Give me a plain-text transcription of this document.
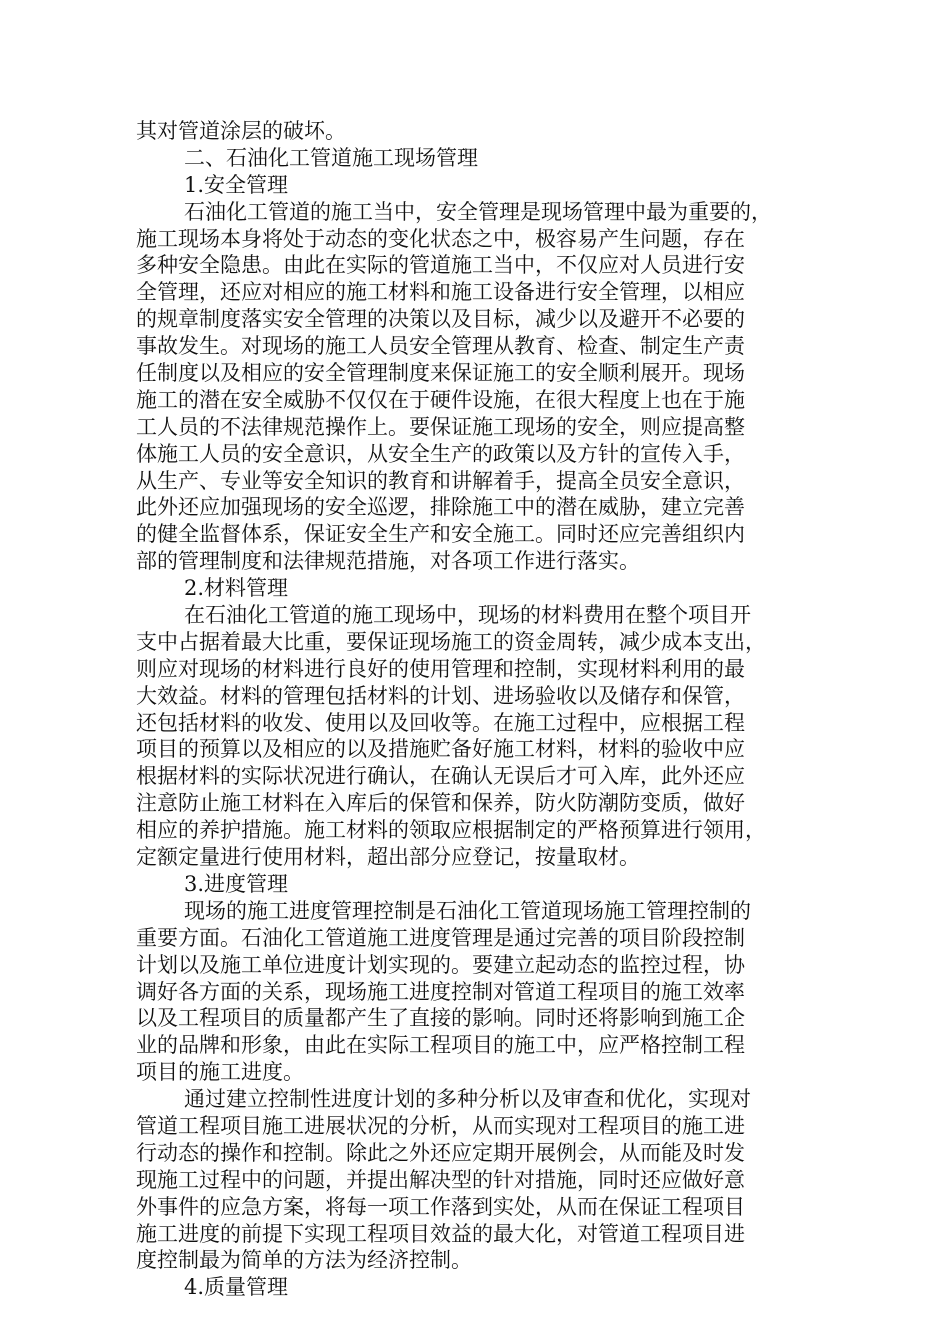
其对管道涂层的破坏。
二、石油化工管道施工现场管理
1.安全管理
石油化工管道的施工当中，安全管理是现场管理中最为重要的，
施工现场本身将处于动态的变化状态之中，极容易产生问题，存在
多种安全隐患。由此在实际的管道施工当中，不仅应对人员进行安
全管理，还应对相应的施工材料和施工设备进行安全管理，以相应
的规章制度落实安全管理的决策以及目标，减少以及避开不必要的
事故发生。对现场的施工人员安全管理从教育、检查、制定生产责
任制度以及相应的安全管理制度来保证施工的安全顺利展开。现场
施工的潜在安全威胁不仅仅在于硬件设施，在很大程度上也在于施
工人员的不法律规范操作上。要保证施工现场的安全，则应提高整
体施工人员的安全意识，从安全生产的政策以及方针的宣传入手，
从生产、专业等安全知识的教育和讲解着手，提高全员安全意识，
此外还应加强现场的安全巡逻，排除施工中的潜在威胁，建立完善
的健全监督体系，保证安全生产和安全施工。同时还应完善组织内
部的管理制度和法律规范措施，对各项工作进行落实。
2.材料管理
在石油化工管道的施工现场中，现场的材料费用在整个项目开
支中占据着最大比重，要保证现场施工的资金周转，减少成本支出，
则应对现场的材料进行良好的使用管理和控制，实现材料利用的最
大效益。材料的管理包括材料的计划、进场验收以及储存和保管，
还包括材料的收发、使用以及回收等。在施工过程中，应根据工程
项目的预算以及相应的以及措施贮备好施工材料，材料的验收中应
根据材料的实际状况进行确认，在确认无误后才可入库，此外还应
注意防止施工材料在入库后的保管和保养，防火防潮防变质，做好
相应的养护措施。施工材料的领取应根据制定的严格预算进行领用，
定额定量进行使用材料，超出部分应登记，按量取材。
3.进度管理
现场的施工进度管理控制是石油化工管道现场施工管理控制的
重要方面。石油化工管道施工进度管理是通过完善的项目阶段控制
计划以及施工单位进度计划实现的。要建立起动态的监控过程，协
调好各方面的关系，现场施工进度控制对管道工程项目的施工效率
以及工程项目的质量都产生了直接的影响。同时还将影响到施工企
业的品牌和形象，由此在实际工程项目的施工中，应严格控制工程
项目的施工进度。
通过建立控制性进度计划的多种分析以及审查和优化，实现对
管道工程项目施工进展状况的分析，从而实现对工程项目的施工进
行动态的操作和控制。除此之外还应定期开展例会，从而能及时发
现施工过程中的问题，并提出解决型的针对措施，同时还应做好意
外事件的应急方案，将每一项工作落到实处，从而在保证工程项目
施工进度的前提下实现工程项目效益的最大化，对管道工程项目进
度控制最为简单的方法为经济控制。
4.质量管理
